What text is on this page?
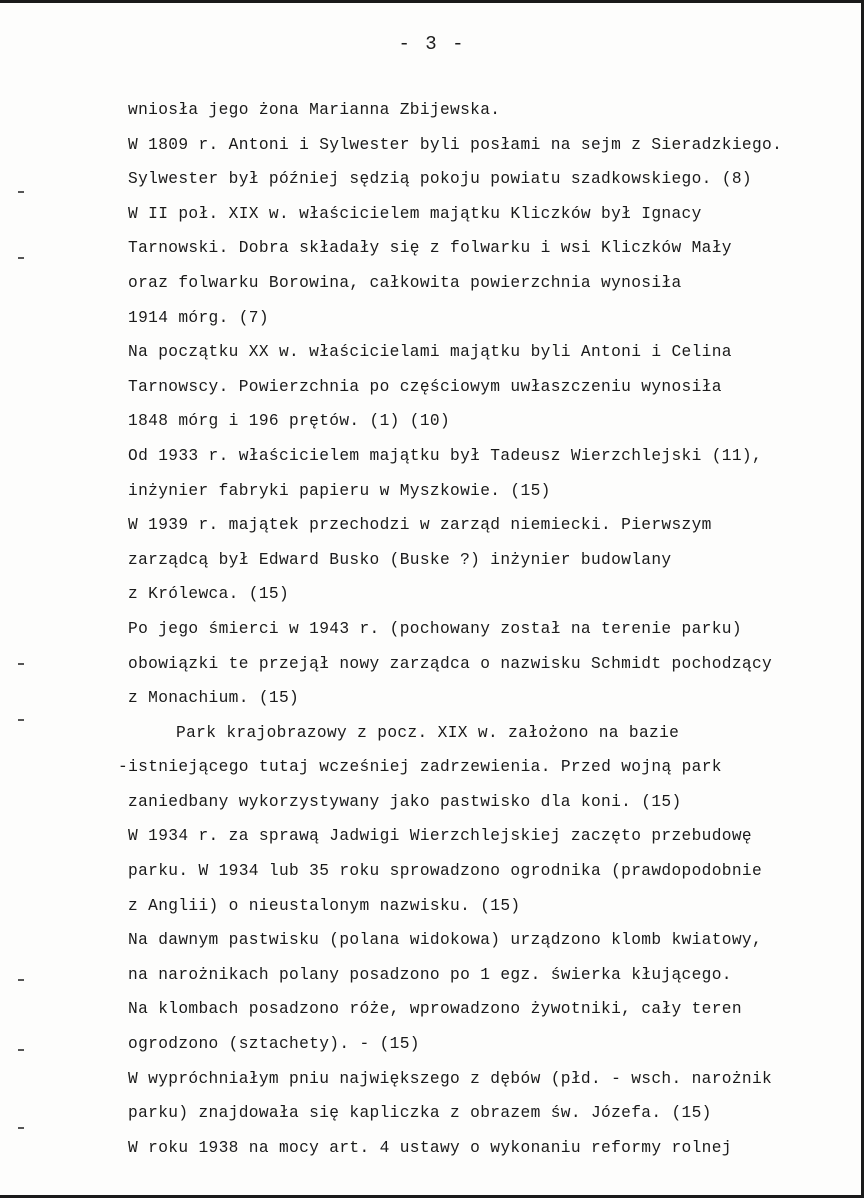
- 3 -
wniosła jego żona Marianna Zbijewska.
W 1809 r. Antoni i Sylwester byli posłami na sejm z Sieradzkiego.
Sylwester był później sędzią pokoju powiatu szadkowskiego. (8)
W II poł. XIX w. właścicielem majątku Kliczków był Ignacy
Tarnowski. Dobra składały się z folwarku i wsi Kliczków Mały
oraz folwarku Borowina, całkowita powierzchnia wynosiła
1914 mórg. (7)
Na początku XX w. właścicielami majątku byli Antoni i Celina
Tarnowscy. Powierzchnia po częściowym uwłaszczeniu wynosiła
1848 mórg i 196 prętów. (1) (10)
Od 1933 r. właścicielem majątku był Tadeusz Wierzchlejski (11),
inżynier fabryki papieru w Myszkowie. (15)
W 1939 r. majątek przechodzi w zarząd niemiecki. Pierwszym
zarządcą był Edward Busko (Buske ?) inżynier budowlany
z Królewca. (15)
Po jego śmierci w 1943 r. (pochowany został na terenie parku)
obowiązki te przejął nowy zarządca o nazwisku Schmidt pochodzący
z Monachium. (15)
Park krajobrazowy z pocz. XIX w. założono na bazie
-istniejącego tutaj wcześniej zadrzewienia. Przed wojną park
zaniedbany wykorzystywany jako pastwisko dla koni. (15)
W 1934 r. za sprawą Jadwigi Wierzchlejskiej zaczęto przebudowę
parku. W 1934 lub 35 roku sprowadzono ogrodnika (prawdopodobnie
z Anglii) o nieustalonym nazwisku. (15)
Na dawnym pastwisku (polana widokowa) urządzono klomb kwiatowy,
na narożnikach polany posadzono po 1 egz. świerka kłującego.
Na klombach posadzono róże, wprowadzono żywotniki, cały teren
ogrodzono (sztachety). - (15)
W wypróchniałym pniu największego z dębów (płd. - wsch. narożnik
parku) znajdowała się kapliczka z obrazem św. Józefa. (15)
W roku 1938 na mocy art. 4 ustawy o wykonaniu reformy rolnej
